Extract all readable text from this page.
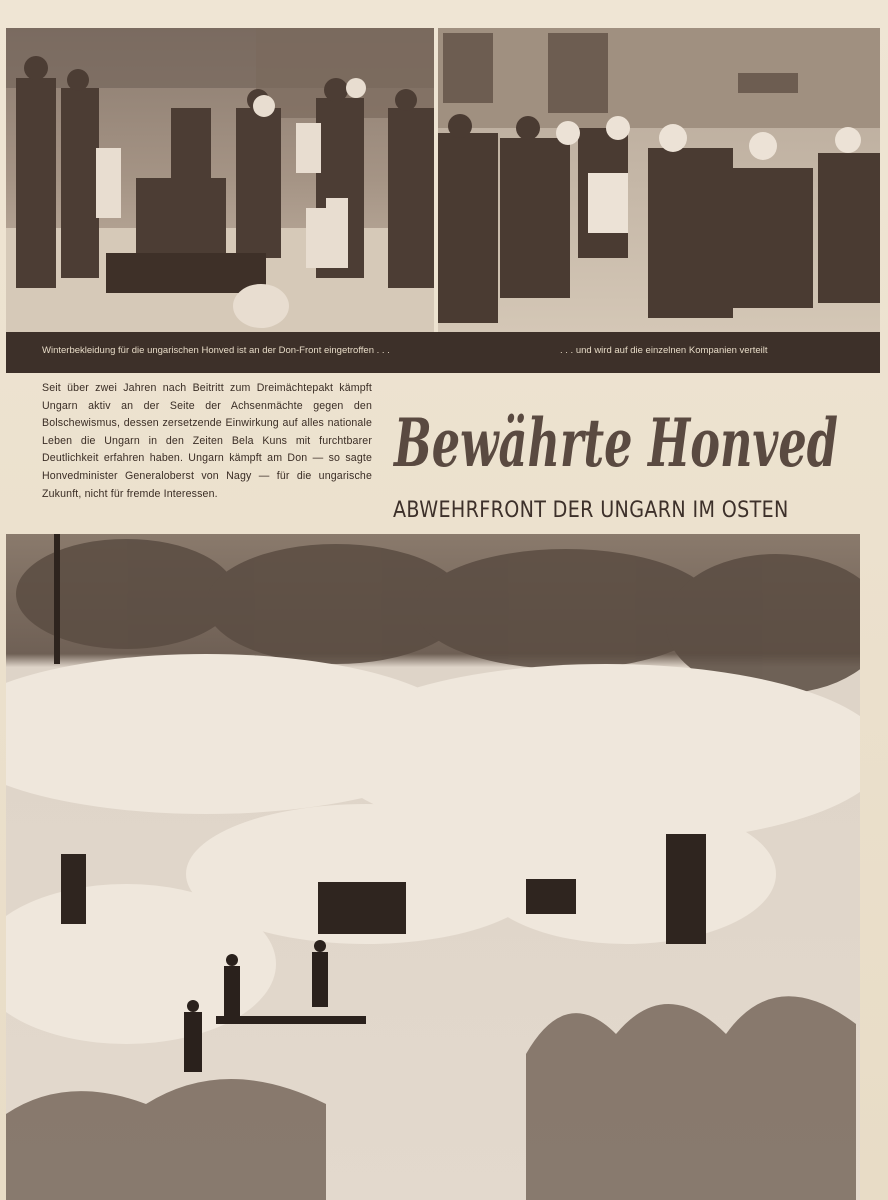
Winterbekleidung für die ungarischen Honved ist an der Don-Front eingetroffen . . .	. . . und wird auf die einzelnen Kompanien verteilt

Seit über zwei Jahren nach Beitritt zum Dreimächtepakt kämpft Ungarn aktiv an der Seite der Achsenmächte gegen den Bolschewismus, dessen zersetzende Einwirkung auf alles nationale Leben die Ungarn in den Zeiten Bela Kuns mit furchtbarer Deutlichkeit erfahren haben. Ungarn kämpft am Don — so sagte Honvedminister Generaloberst von Nagy — für die ungarische Zukunft, nicht für fremde Interessen.

Bewährte Honved
ABWEHRFRONT DER UNGARN IM OSTEN
